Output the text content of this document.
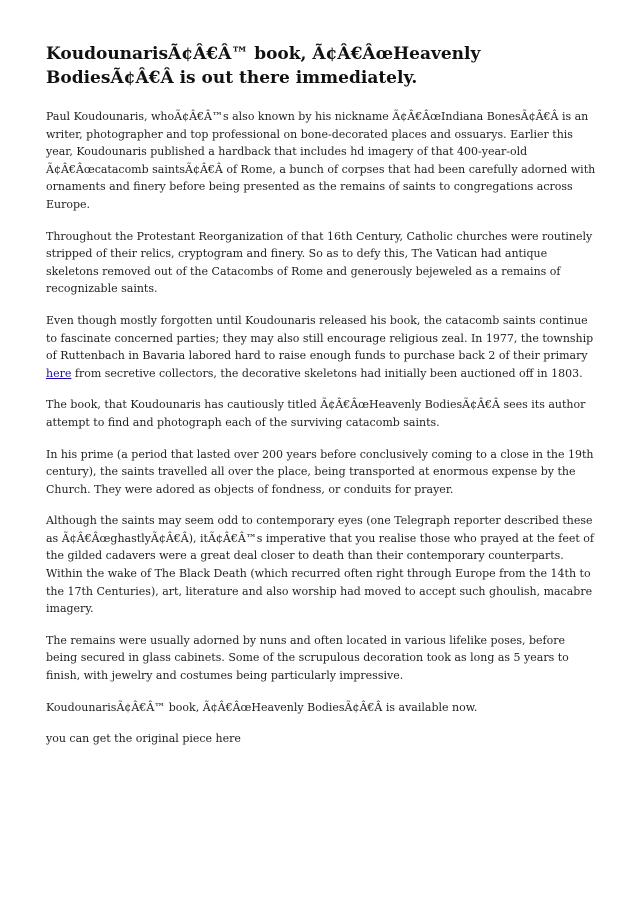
KoudounarisÃ¢Â€Â™ book, Ã¢Â€ÂœHeavenly BodiesÃ¢Â€Â is out there immediately.

Paul Koudounaris, whoÃ¢Â€Â™s also known by his nickname Ã¢Â€ÂœIndiana BonesÃ¢Â€Â is an writer, photographer and top professional on bone-decorated places and ossuarys. Earlier this year, Koudounaris published a hardback that includes hd imagery of that 400-year-old Ã¢Â€Âœcatacomb saintsÃ¢Â€Â of Rome, a bunch of corpses that had been carefully adorned with ornaments and finery before being presented as the remains of saints to congregations across Europe.

Throughout the Protestant Reorganization of that 16th Century, Catholic churches were routinely stripped of their relics, cryptogram and finery. So as to defy this, The Vatican had antique skeletons removed out of the Catacombs of Rome and generously bejeweled as a remains of recognizable saints.

Even though mostly forgotten until Koudounaris released his book, the catacomb saints continue to fascinate concerned parties; they may also still encourage religious zeal. In 1977, the township of Ruttenbach in Bavaria labored hard to raise enough funds to purchase back 2 of their primary here from secretive collectors, the decorative skeletons had initially been auctioned off in 1803.

The book, that Koudounaris has cautiously titled Ã¢Â€ÂœHeavenly BodiesÃ¢Â€Â sees its author attempt to find and photograph each of the surviving catacomb saints.

In his prime (a period that lasted over 200 years before conclusively coming to a close in the 19th century), the saints travelled all over the place, being transported at enormous expense by the Church. They were adored as objects of fondness, or conduits for prayer.

Although the saints may seem odd to contemporary eyes (one Telegraph reporter described these as Ã¢Â€ÂœghastlyÃ¢Â€Â), itÃ¢Â€Â™s imperative that you realise those who prayed at the feet of the gilded cadavers were a great deal closer to death than their contemporary counterparts. Within the wake of The Black Death (which recurred often right through Europe from the 14th to the 17th Centuries), art, literature and also worship had moved to accept such ghoulish, macabre imagery.

The remains were usually adorned by nuns and often located in various lifelike poses, before being secured in glass cabinets. Some of the scrupulous decoration took as long as 5 years to finish, with jewelry and costumes being particularly impressive.

KoudounarisÃ¢Â€Â™ book, Ã¢Â€ÂœHeavenly BodiesÃ¢Â€Â is available now.

you can get the original piece here
